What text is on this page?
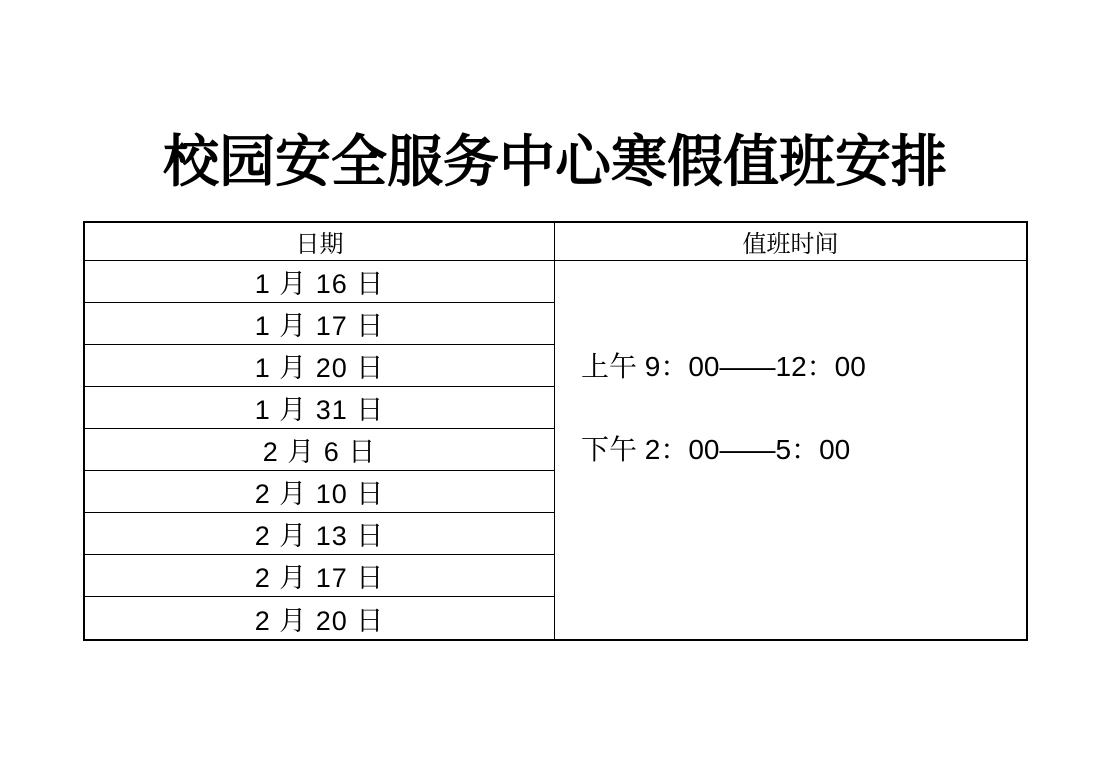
校园安全服务中心寒假值班安排
日期	值班时间
1 月 16 日
1 月 17 日
1 月 20 日
1 月 31 日
2 月 6 日
2 月 10 日
2 月 13 日
2 月 17 日
2 月 20 日
上午 9：00——12：00
下午 2：00——5：00
